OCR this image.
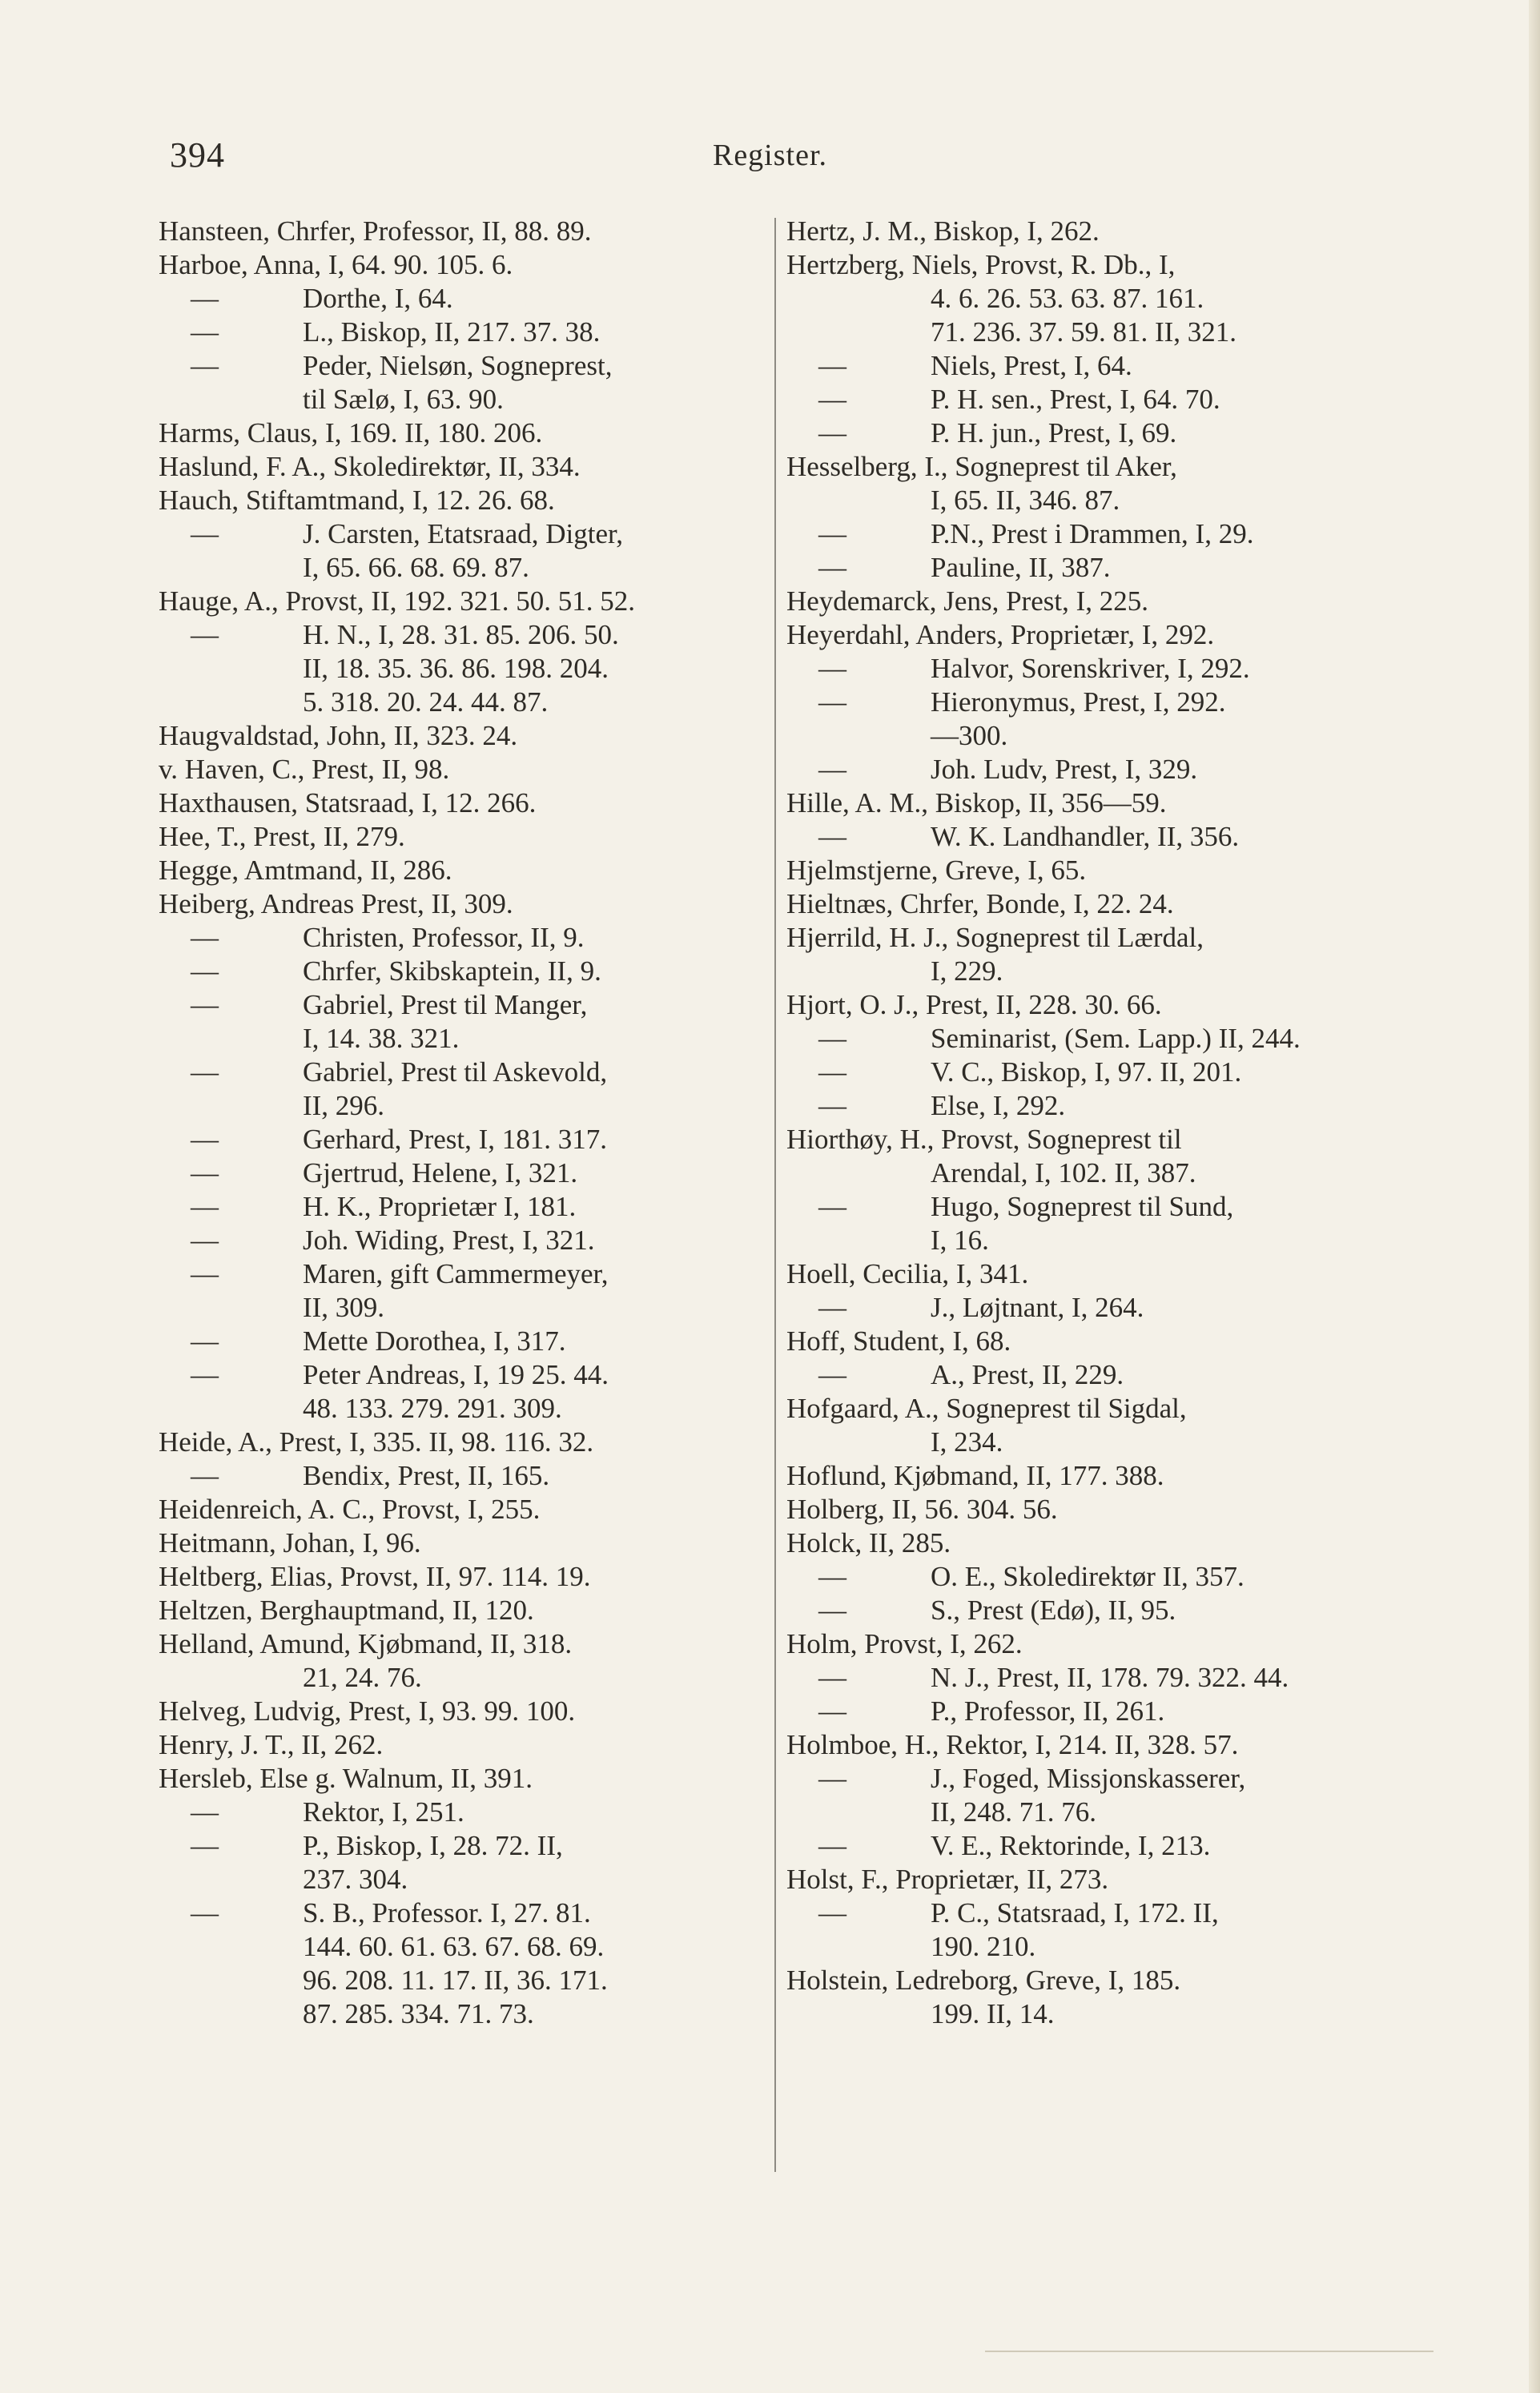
394	Register.
Hansteen, Chrfer, Professor, II, 88. 89.
Harboe, Anna, I, 64. 90. 105. 6.
—	Dorthe, I, 64.
—	L., Biskop, II, 217. 37. 38.
—	Peder, Nielsøn, Sogneprest,
til Sælø, I, 63. 90.
Harms, Claus, I, 169. II, 180. 206.
Haslund, F. A., Skoledirektør, II, 334.
Hauch, Stiftamtmand, I, 12. 26. 68.
—	J. Carsten, Etatsraad, Digter,
I, 65. 66. 68. 69. 87.
Hauge, A., Provst, II, 192. 321. 50. 51. 52.
—	H. N., I, 28. 31. 85. 206. 50.
II, 18. 35. 36. 86. 198. 204.
5. 318. 20. 24. 44. 87.
Haugvaldstad, John, II, 323. 24.
v. Haven, C., Prest, II, 98.
Haxthausen, Statsraad, I, 12. 266.
Hee, T., Prest, II, 279.
Hegge, Amtmand, II, 286.
Heiberg, Andreas Prest, II, 309.
—	Christen, Professor, II, 9.
—	Chrfer, Skibskaptein, II, 9.
—	Gabriel, Prest til Manger,
I, 14. 38. 321.
—	Gabriel, Prest til Askevold,
II, 296.
—	Gerhard, Prest, I, 181. 317.
—	Gjertrud, Helene, I, 321.
—	H. K., Proprietær I, 181.
—	Joh. Widing, Prest, I, 321.
—	Maren, gift Cammermeyer,
II, 309.
—	Mette Dorothea, I, 317.
—	Peter Andreas, I, 19 25. 44.
48. 133. 279. 291. 309.
Heide, A., Prest, I, 335. II, 98. 116. 32.
—	Bendix, Prest, II, 165.
Heidenreich, A. C., Provst, I, 255.
Heitmann, Johan, I, 96.
Heltberg, Elias, Provst, II, 97. 114. 19.
Heltzen, Berghauptmand, II, 120.
Helland, Amund, Kjøbmand, II, 318.
21, 24. 76.
Helveg, Ludvig, Prest, I, 93. 99. 100.
Henry, J. T., II, 262.
Hersleb, Else g. Walnum, II, 391.
—	Rektor, I, 251.
—	P., Biskop, I, 28. 72. II,
237. 304.
—	S. B., Professor. I, 27. 81.
144. 60. 61. 63. 67. 68. 69.
96. 208. 11. 17. II, 36. 171.
87. 285. 334. 71. 73.
Hertz, J. M., Biskop, I, 262.
Hertzberg, Niels, Provst, R. Db., I,
4. 6. 26. 53. 63. 87. 161.
71. 236. 37. 59. 81. II, 321.
—	Niels, Prest, I, 64.
—	P. H. sen., Prest, I, 64. 70.
—	P. H. jun., Prest, I, 69.
Hesselberg, I., Sogneprest til Aker,
I, 65. II, 346. 87.
—	P.N., Prest i Drammen, I, 29.
—	Pauline, II, 387.
Heydemarck, Jens, Prest, I, 225.
Heyerdahl, Anders, Proprietær, I, 292.
—	Halvor, Sorenskriver, I, 292.
—	Hieronymus, Prest, I, 292.
—300.
—	Joh. Ludv, Prest, I, 329.
Hille, A. M., Biskop, II, 356—59.
—	W. K. Landhandler, II, 356.
Hjelmstjerne, Greve, I, 65.
Hieltnæs, Chrfer, Bonde, I, 22. 24.
Hjerrild, H. J., Sogneprest til Lærdal,
I, 229.
Hjort, O. J., Prest, II, 228. 30. 66.
—	Seminarist, (Sem. Lapp.) II, 244.
—	V. C., Biskop, I, 97. II, 201.
—	Else, I, 292.
Hiorthøy, H., Provst, Sogneprest til
Arendal, I, 102. II, 387.
—	Hugo, Sogneprest til Sund,
I, 16.
Hoell, Cecilia, I, 341.
—	J., Løjtnant, I, 264.
Hoff, Student, I, 68.
—	A., Prest, II, 229.
Hofgaard, A., Sogneprest til Sigdal,
I, 234.
Hoflund, Kjøbmand, II, 177. 388.
Holberg, II, 56. 304. 56.
Holck, II, 285.
—	O. E., Skoledirektør II, 357.
—	S., Prest (Edø), II, 95.
Holm, Provst, I, 262.
—	N. J., Prest, II, 178. 79. 322. 44.
—	P., Professor, II, 261.
Holmboe, H., Rektor, I, 214. II, 328. 57.
—	J., Foged, Missjonskasserer,
II, 248. 71. 76.
—	V. E., Rektorinde, I, 213.
Holst, F., Proprietær, II, 273.
—	P. C., Statsraad, I, 172. II,
190. 210.
Holstein, Ledreborg, Greve, I, 185.
199. II, 14.
